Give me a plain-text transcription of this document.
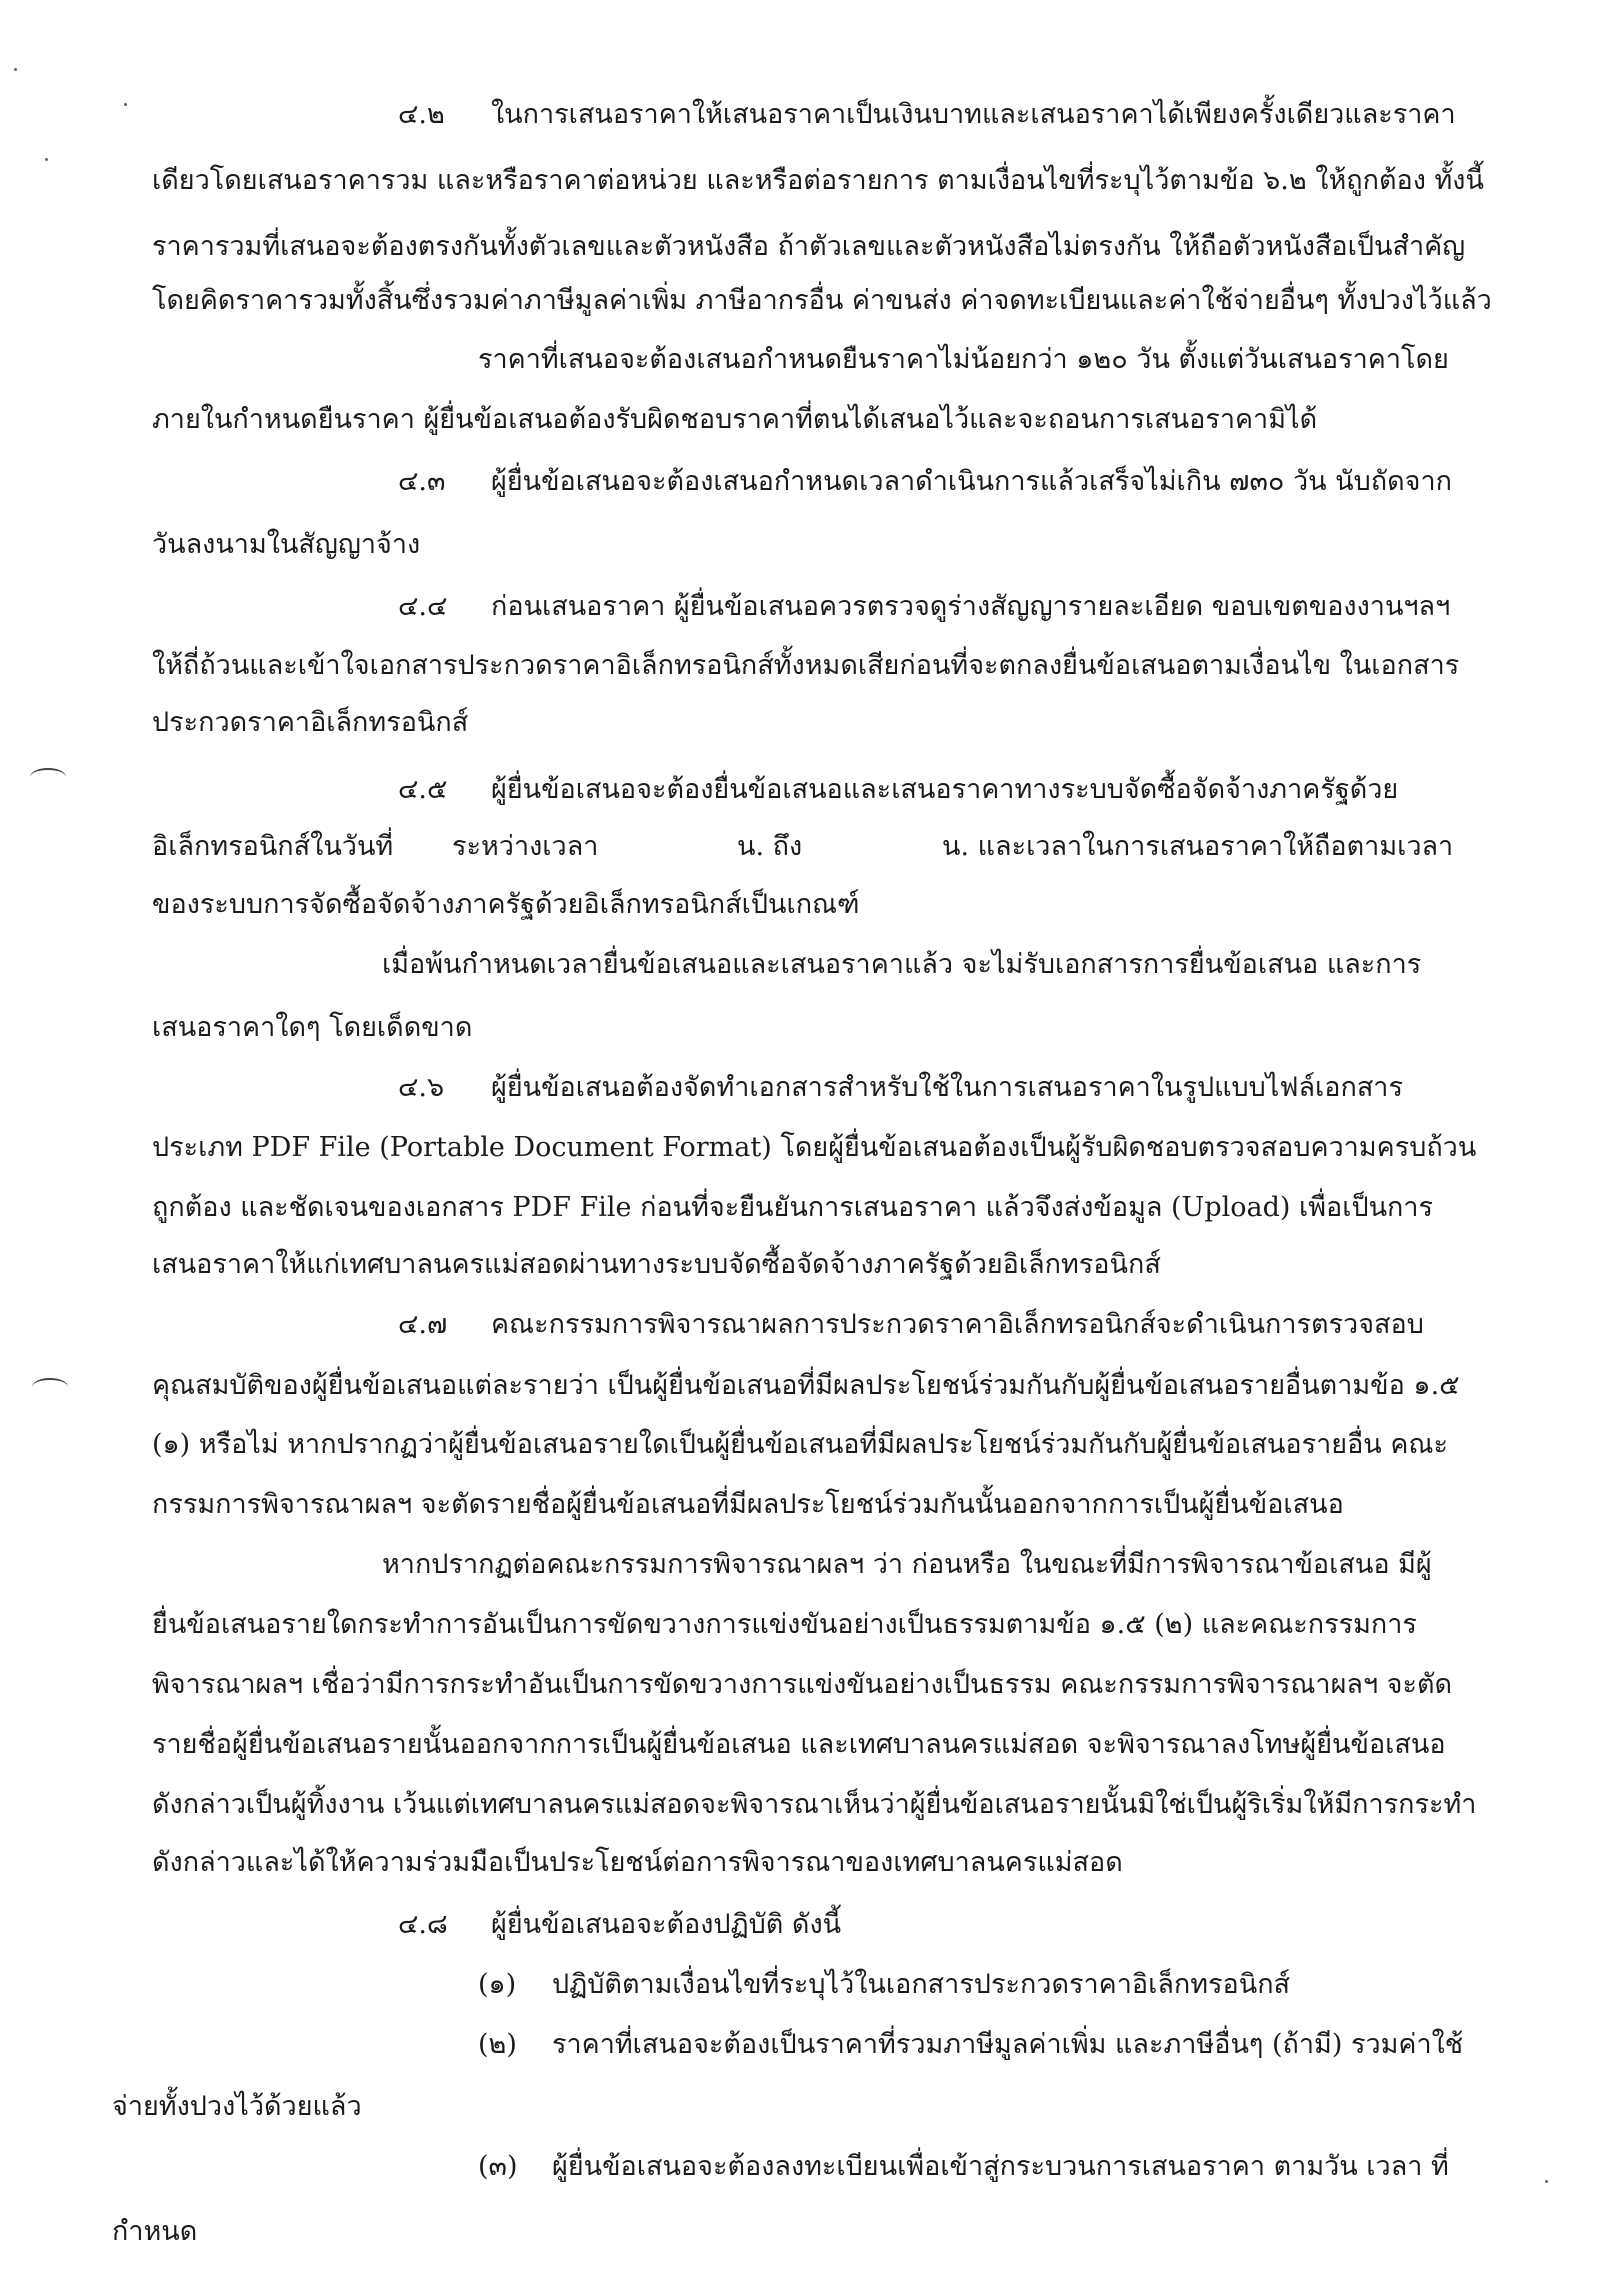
๔.๒ ในการเสนอราคาให้เสนอราคาเป็นเงินบาทและเสนอราคาได้เพียงครั้งเดียวและราคา
เดียวโดยเสนอราคารวม และหรือราคาต่อหน่วย และหรือต่อรายการ ตามเงื่อนไขที่ระบุไว้ตามข้อ ๖.๒ ให้ถูกต้อง ทั้งนี้
ราคารวมที่เสนอจะต้องตรงกันทั้งตัวเลขและตัวหนังสือ ถ้าตัวเลขและตัวหนังสือไม่ตรงกัน ให้ถือตัวหนังสือเป็นสำคัญ
โดยคิดราคารวมทั้งสิ้นซึ่งรวมค่าภาษีมูลค่าเพิ่ม ภาษีอากรอื่น ค่าขนส่ง ค่าจดทะเบียนและค่าใช้จ่ายอื่นๆ ทั้งปวงไว้แล้ว
ราคาที่เสนอจะต้องเสนอกำหนดยืนราคาไม่น้อยกว่า ๑๒๐ วัน ตั้งแต่วันเสนอราคาโดย
ภายในกำหนดยืนราคา ผู้ยื่นข้อเสนอต้องรับผิดชอบราคาที่ตนได้เสนอไว้และจะถอนการเสนอราคามิได้
๔.๓ ผู้ยื่นข้อเสนอจะต้องเสนอกำหนดเวลาดำเนินการแล้วเสร็จไม่เกิน ๗๓๐ วัน นับถัดจาก
วันลงนามในสัญญาจ้าง
๔.๔ ก่อนเสนอราคา ผู้ยื่นข้อเสนอควรตรวจดูร่างสัญญารายละเอียด ขอบเขตของงานฯลฯ
ให้ถี่ถ้วนและเข้าใจเอกสารประกวดราคาอิเล็กทรอนิกส์ทั้งหมดเสียก่อนที่จะตกลงยื่นข้อเสนอตามเงื่อนไข ในเอกสาร
ประกวดราคาอิเล็กทรอนิกส์
๔.๕ ผู้ยื่นข้อเสนอจะต้องยื่นข้อเสนอและเสนอราคาทางระบบจัดซื้อจัดจ้างภาครัฐด้วย
อิเล็กทรอนิกส์ในวันที่ ระหว่างเวลา	น. ถึง	น. และเวลาในการเสนอราคาให้ถือตามเวลา
ของระบบการจัดซื้อจัดจ้างภาครัฐด้วยอิเล็กทรอนิกส์เป็นเกณฑ์
เมื่อพ้นกำหนดเวลายื่นข้อเสนอและเสนอราคาแล้ว จะไม่รับเอกสารการยื่นข้อเสนอ และการ
เสนอราคาใดๆ โดยเด็ดขาด
๔.๖ ผู้ยื่นข้อเสนอต้องจัดทำเอกสารสำหรับใช้ในการเสนอราคาในรูปแบบไฟล์เอกสาร
ประเภท PDF File (Portable Document Format) โดยผู้ยื่นข้อเสนอต้องเป็นผู้รับผิดชอบตรวจสอบความครบถ้วน
ถูกต้อง และชัดเจนของเอกสาร PDF File ก่อนที่จะยืนยันการเสนอราคา แล้วจึงส่งข้อมูล (Upload) เพื่อเป็นการ
เสนอราคาให้แก่เทศบาลนครแม่สอดผ่านทางระบบจัดซื้อจัดจ้างภาครัฐด้วยอิเล็กทรอนิกส์
๔.๗ คณะกรรมการพิจารณาผลการประกวดราคาอิเล็กทรอนิกส์จะดำเนินการตรวจสอบ
คุณสมบัติของผู้ยื่นข้อเสนอแต่ละรายว่า เป็นผู้ยื่นข้อเสนอที่มีผลประโยชน์ร่วมกันกับผู้ยื่นข้อเสนอรายอื่นตามข้อ ๑.๕
(๑) หรือไม่ หากปรากฏว่าผู้ยื่นข้อเสนอรายใดเป็นผู้ยื่นข้อเสนอที่มีผลประโยชน์ร่วมกันกับผู้ยื่นข้อเสนอรายอื่น คณะ
กรรมการพิจารณาผลฯ จะตัดรายชื่อผู้ยื่นข้อเสนอที่มีผลประโยชน์ร่วมกันนั้นออกจากการเป็นผู้ยื่นข้อเสนอ
หากปรากฏต่อคณะกรรมการพิจารณาผลฯ ว่า ก่อนหรือ ในขณะที่มีการพิจารณาข้อเสนอ มีผู้
ยื่นข้อเสนอรายใดกระทำการอันเป็นการขัดขวางการแข่งขันอย่างเป็นธรรมตามข้อ ๑.๕ (๒) และคณะกรรมการ
พิจารณาผลฯ เชื่อว่ามีการกระทำอันเป็นการขัดขวางการแข่งขันอย่างเป็นธรรม คณะกรรมการพิจารณาผลฯ จะตัด
รายชื่อผู้ยื่นข้อเสนอรายนั้นออกจากการเป็นผู้ยื่นข้อเสนอ และเทศบาลนครแม่สอด จะพิจารณาลงโทษผู้ยื่นข้อเสนอ
ดังกล่าวเป็นผู้ทิ้งงาน เว้นแต่เทศบาลนครแม่สอดจะพิจารณาเห็นว่าผู้ยื่นข้อเสนอรายนั้นมิใช่เป็นผู้ริเริ่มให้มีการกระทำ
ดังกล่าวและได้ให้ความร่วมมือเป็นประโยชน์ต่อการพิจารณาของเทศบาลนครแม่สอด
๔.๘ ผู้ยื่นข้อเสนอจะต้องปฏิบัติ ดังนี้
(๑) ปฏิบัติตามเงื่อนไขที่ระบุไว้ในเอกสารประกวดราคาอิเล็กทรอนิกส์
(๒) ราคาที่เสนอจะต้องเป็นราคาที่รวมภาษีมูลค่าเพิ่ม และภาษีอื่นๆ (ถ้ามี) รวมค่าใช้
จ่ายทั้งปวงไว้ด้วยแล้ว
(๓) ผู้ยื่นข้อเสนอจะต้องลงทะเบียนเพื่อเข้าสู่กระบวนการเสนอราคา ตามวัน เวลา ที่
กำหนด
